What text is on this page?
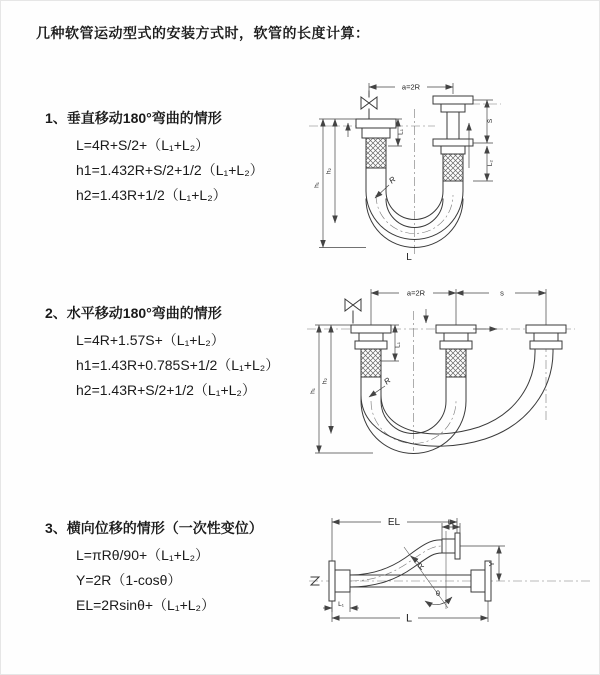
几种软管运动型式的安装方式时，软管的长度计算：
1、垂直移动180°弯曲的情形
L=4R+S/2+（L₁+L₂）
h1=1.432R+S/2+1/2（L₁+L₂）
h2=1.43R+1/2（L₁+L₂）
2、水平移动180°弯曲的情形
L=4R+1.57S+（L₁+L₂）
h1=1.43R+0.785S+1/2（L₁+L₂）
h2=1.43R+S/2+1/2（L₁+L₂）
3、横向位移的情形（一次性变位）
L=πRθ/90+（L₁+L₂）
Y=2R（1-cosθ）
EL=2Rsinθ+（L₁+L₂）
a=2R
h₁
h₂
S
L₂
L₁
R
L
a=2R	s
h₁
h₂
L₁
R
θ
EL	L₂
Y
L₁
L
R
